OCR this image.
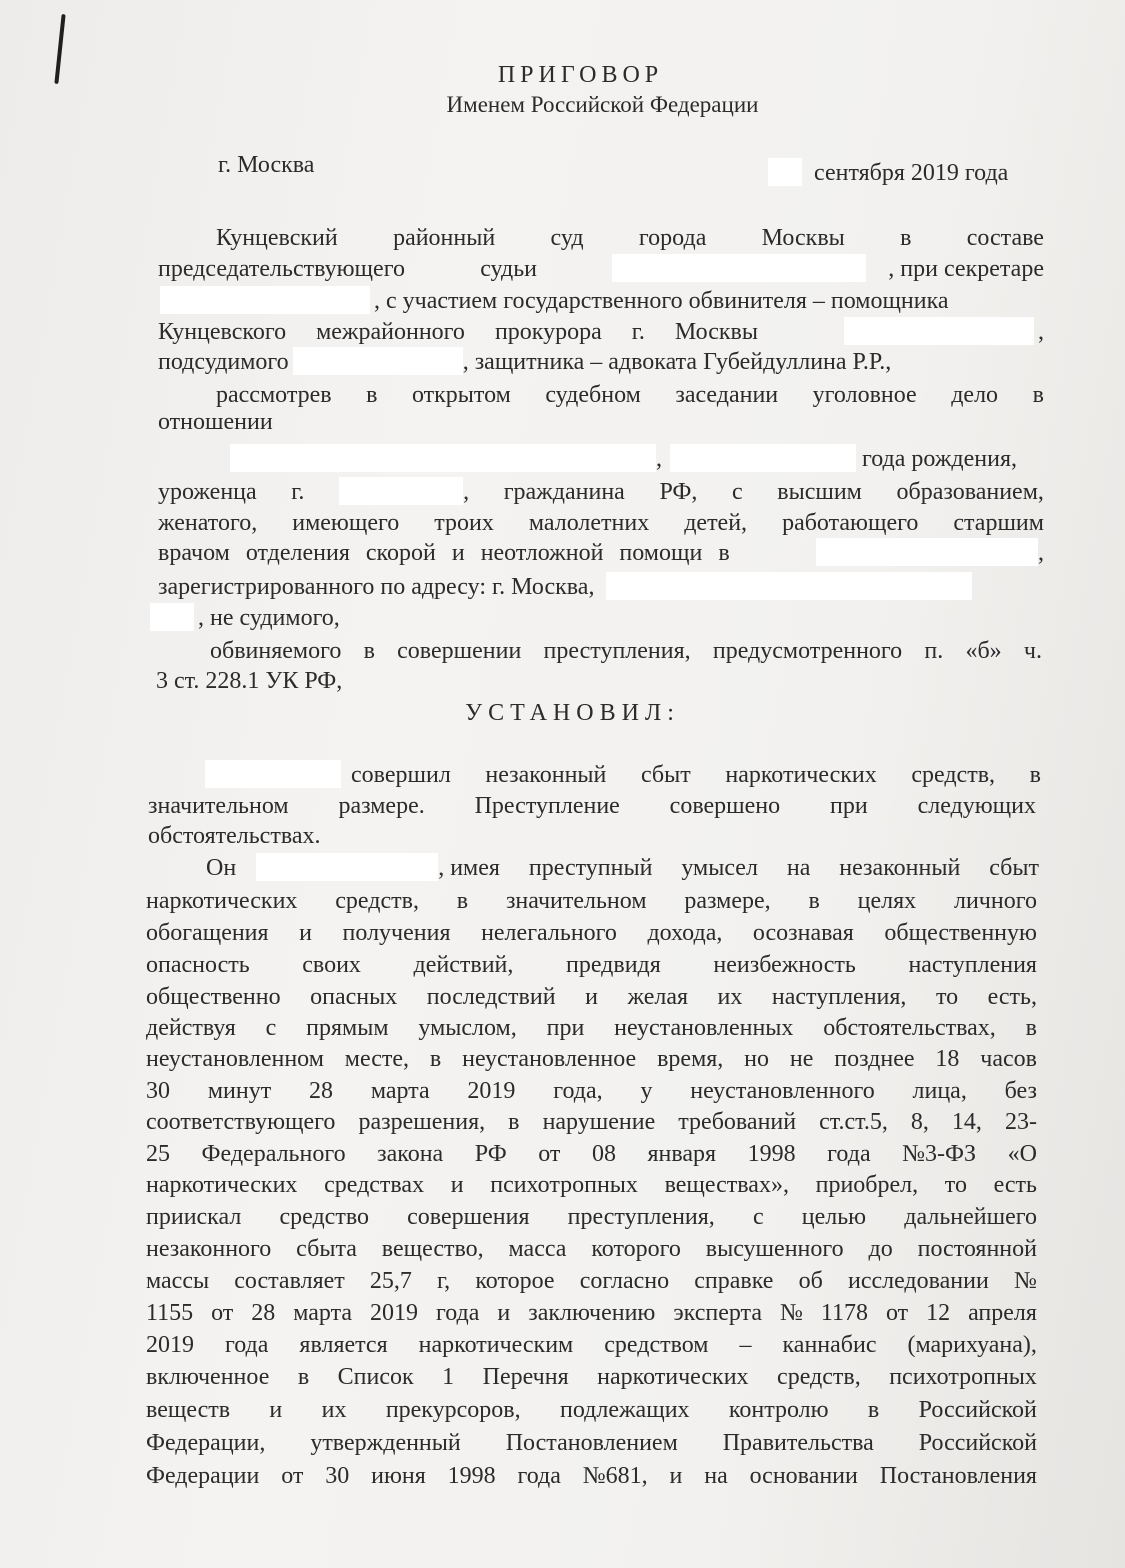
ПРИГОВОР
Именем Российской Федерации
г. Москва	сентября 2019 года
Кунцевский районный суд города Москвы в составе
председательствующего	судьи	, при секретаре
, с участием государственного обвинителя – помощника
Кунцевского межрайонного прокурора г. Москвы	,
подсудимого	, защитника – адвоката Губейдуллина Р.Р.,
рассмотрев в открытом судебном заседании уголовное дело в
отношении
,	года рождения,
уроженца г.	, гражданина РФ, с высшим образованием,
женатого, имеющего троих малолетних детей, работающего старшим
врачом отделения скорой и неотложной помощи в	,
зарегистрированного по адресу: г. Москва,
, не судимого,
обвиняемого в совершении преступления, предусмотренного п. «б» ч.
3 ст. 228.1 УК РФ,
УСТАНОВИЛ:
совершил незаконный сбыт наркотических средств, в
значительном размере. Преступление совершено при следующих
обстоятельствах.
Он	, имея преступный умысел на незаконный сбыт
наркотических средств, в значительном размере, в целях личного
обогащения и получения нелегального дохода, осознавая общественную
опасность своих действий, предвидя неизбежность наступления
общественно опасных последствий и желая их наступления, то есть,
действуя с прямым умыслом, при неустановленных обстоятельствах, в
неустановленном месте, в неустановленное время, но не позднее 18 часов
30 минут 28 марта 2019 года, у неустановленного лица, без
соответствующего разрешения, в нарушение требований ст.ст.5, 8, 14, 23-
25 Федерального закона РФ от 08 января 1998 года №3-ФЗ «О
наркотических средствах и психотропных веществах», приобрел, то есть
приискал средство совершения преступления, с целью дальнейшего
незаконного сбыта вещество, масса которого высушенного до постоянной
массы составляет 25,7 г, которое согласно справке об исследовании №
1155 от 28 марта 2019 года и заключению эксперта № 1178 от 12 апреля
2019 года является наркотическим средством – каннабис (марихуана),
включенное в Список 1 Перечня наркотических средств, психотропных
веществ и их прекурсоров, подлежащих контролю в Российской
Федерации, утвержденный Постановлением Правительства Российской
Федерации от 30 июня 1998 года №681, и на основании Постановления
